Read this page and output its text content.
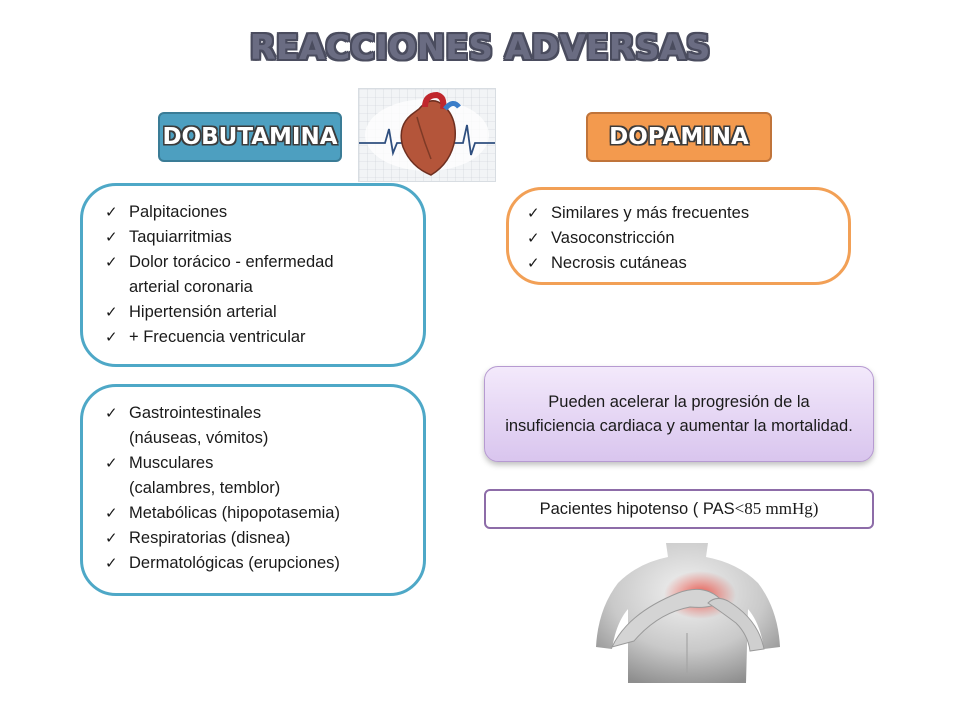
REACCIONES ADVERSAS
DOBUTAMINA	DOPAMINA
✓ Palpitaciones
✓ Taquiarritmias
✓ Dolor torácico - enfermedad
arterial coronaria
✓ Hipertensión arterial
✓ + Frecuencia ventricular
✓ Gastrointestinales
(náuseas, vómitos)
✓ Musculares
(calambres, temblor)
✓ Metabólicas (hipopotasemia)
✓ Respiratorias (disnea)
✓ Dermatológicas (erupciones)
✓ Similares y más frecuentes
✓ Vasoconstricción
✓ Necrosis cutáneas
Pueden acelerar la progresión de la insuficiencia cardiaca y aumentar la mortalidad.
Pacientes hipotenso ( PAS <85 mmHg)
